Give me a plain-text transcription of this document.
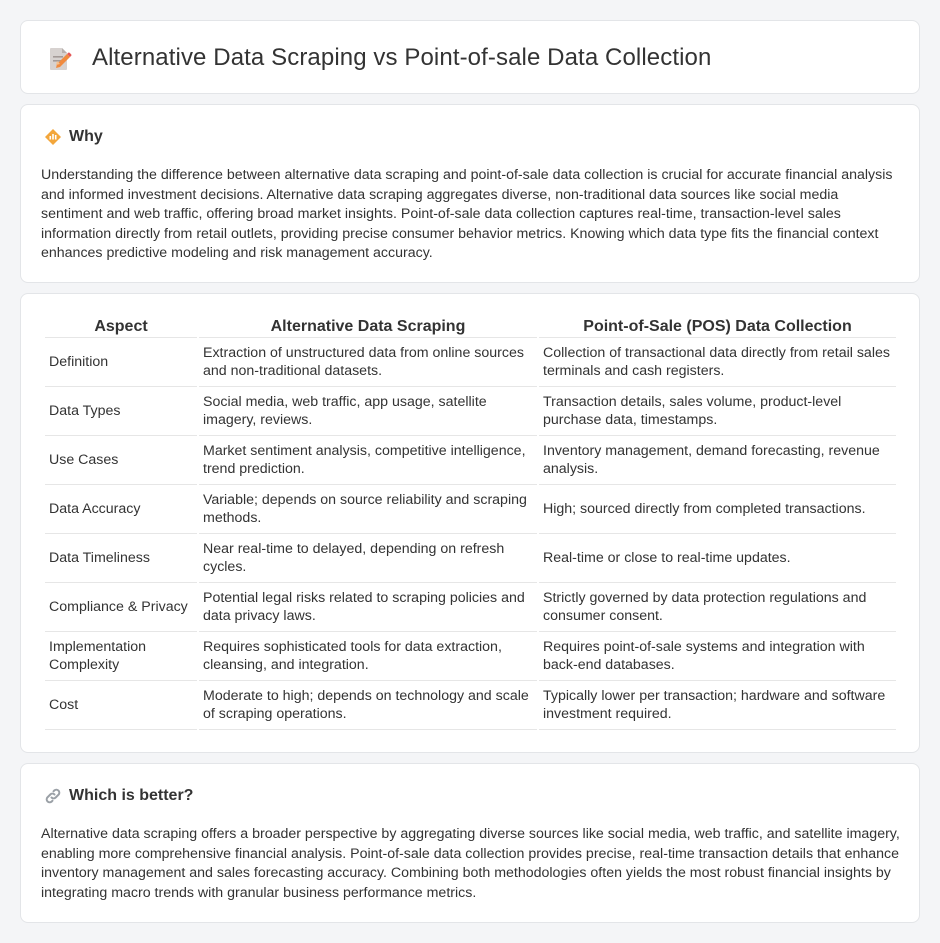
Alternative Data Scraping vs Point-of-sale Data Collection
Why

Understanding the difference between alternative data scraping and point-of-sale data collection is crucial for accurate financial analysis and informed investment decisions. Alternative data scraping aggregates diverse, non-traditional data sources like social media sentiment and web traffic, offering broad market insights. Point-of-sale data collection captures real-time, transaction-level sales information directly from retail outlets, providing precise consumer behavior metrics. Knowing which data type fits the financial context enhances predictive modeling and risk management accuracy.

Aspect	Alternative Data Scraping	Point-of-Sale (POS) Data Collection
Definition	Extraction of unstructured data from online sources and non-traditional datasets.	Collection of transactional data directly from retail sales terminals and cash registers.
Data Types	Social media, web traffic, app usage, satellite imagery, reviews.	Transaction details, sales volume, product-level purchase data, timestamps.
Use Cases	Market sentiment analysis, competitive intelligence, trend prediction.	Inventory management, demand forecasting, revenue analysis.
Data Accuracy	Variable; depends on source reliability and scraping methods.	High; sourced directly from completed transactions.
Data Timeliness	Near real-time to delayed, depending on refresh cycles.	Real-time or close to real-time updates.
Compliance & Privacy	Potential legal risks related to scraping policies and data privacy laws.	Strictly governed by data protection regulations and consumer consent.
Implementation Complexity	Requires sophisticated tools for data extraction, cleansing, and integration.	Requires point-of-sale systems and integration with back-end databases.
Cost	Moderate to high; depends on technology and scale of scraping operations.	Typically lower per transaction; hardware and software investment required.
Which is better?

Alternative data scraping offers a broader perspective by aggregating diverse sources like social media, web traffic, and satellite imagery, enabling more comprehensive financial analysis. Point-of-sale data collection provides precise, real-time transaction details that enhance inventory management and sales forecasting accuracy. Combining both methodologies often yields the most robust financial insights by integrating macro trends with granular business performance metrics.
